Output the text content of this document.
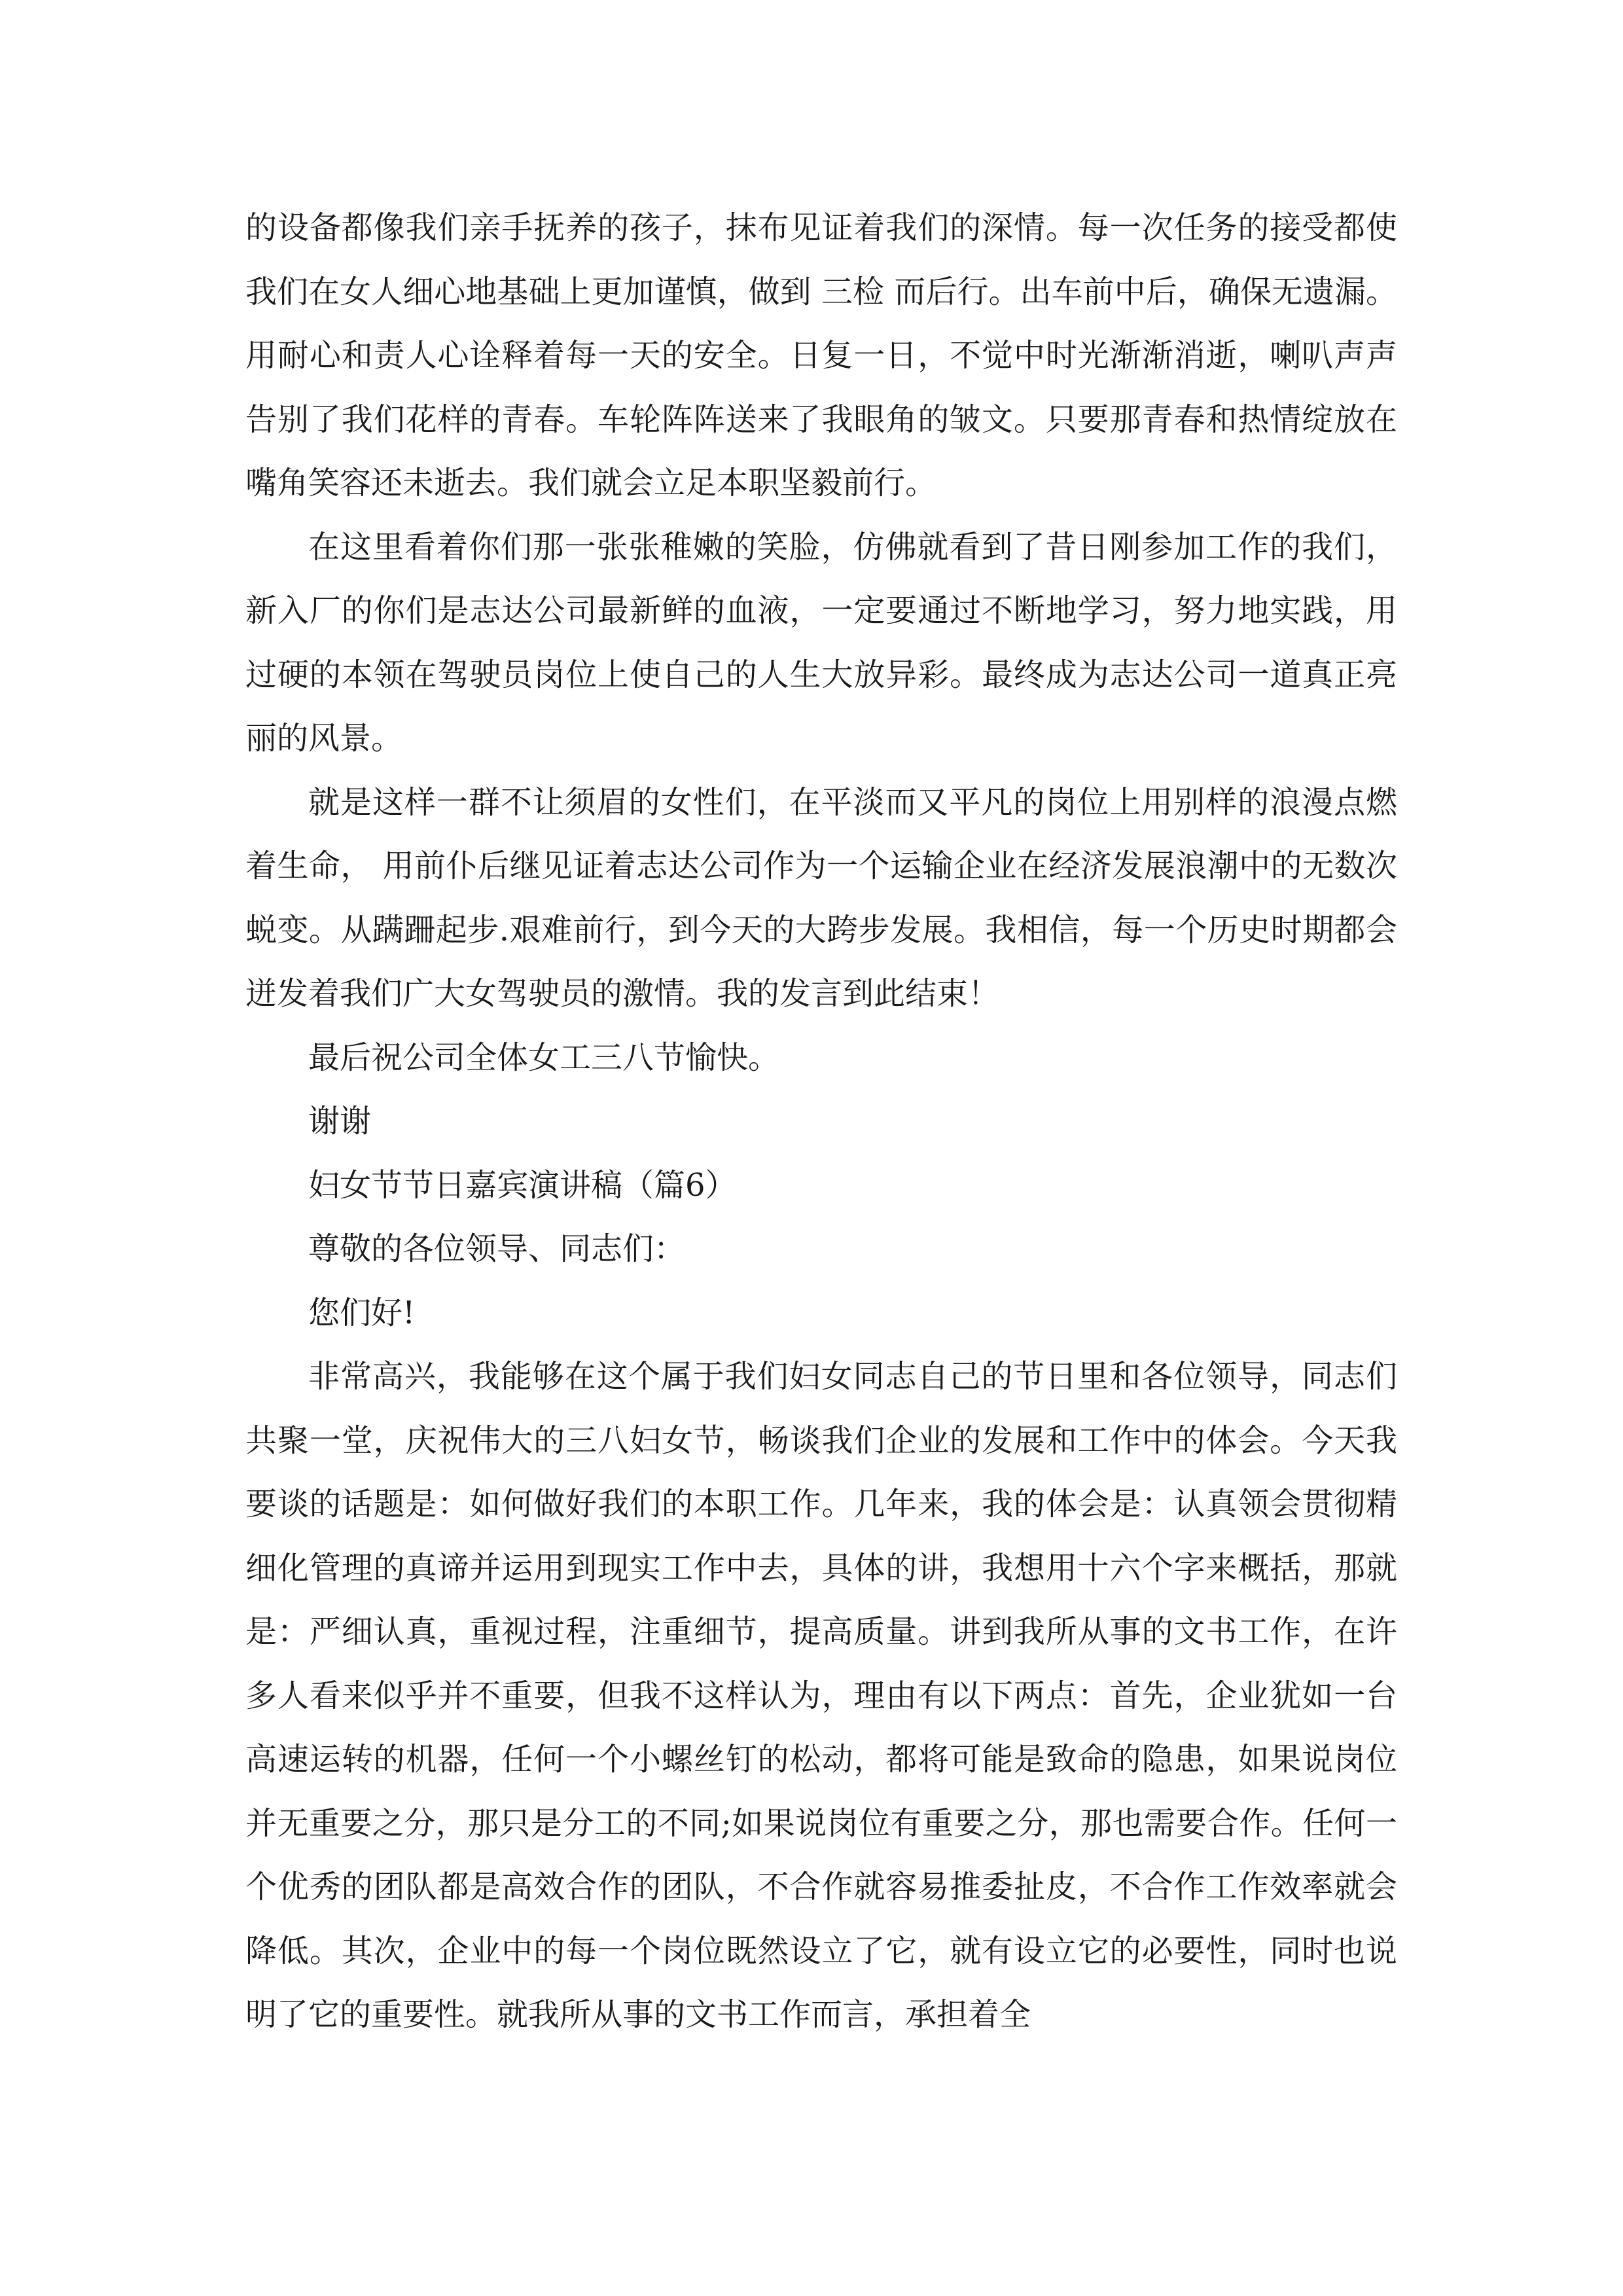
的设备都像我们亲手抚养的孩子，抹布见证着我们的深情。每一次任务的接受都使我们在女人细心地基础上更加谨慎，做到 三检 而后行。出车前中后，确保无遗漏。用耐心和责人心诠释着每一天的安全。日复一日，不觉中时光渐渐消逝，喇叭声声告别了我们花样的青春。车轮阵阵送来了我眼角的皱文。只要那青春和热情绽放在嘴角笑容还未逝去。我们就会立足本职坚毅前行。

在这里看着你们那一张张稚嫩的笑脸，仿佛就看到了昔日刚参加工作的我们，新入厂的你们是志达公司最新鲜的血液，一定要通过不断地学习，努力地实践，用过硬的本领在驾驶员岗位上使自己的人生大放异彩。最终成为志达公司一道真正亮丽的风景。

就是这样一群不让须眉的女性们，在平淡而又平凡的岗位上用别样的浪漫点燃着生命， 用前仆后继见证着志达公司作为一个运输企业在经济发展浪潮中的无数次蜕变。从蹒跚起步.艰难前行，到今天的大跨步发展。我相信，每一个历史时期都会迸发着我们广大女驾驶员的激情。我的发言到此结束！

最后祝公司全体女工三八节愉快。

谢谢

妇女节节日嘉宾演讲稿（篇6）

尊敬的各位领导、同志们：

您们好!

非常高兴，我能够在这个属于我们妇女同志自己的节日里和各位领导，同志们共聚一堂，庆祝伟大的三八妇女节，畅谈我们企业的发展和工作中的体会。今天我要谈的话题是：如何做好我们的本职工作。几年来，我的体会是：认真领会贯彻精细化管理的真谛并运用到现实工作中去，具体的讲，我想用十六个字来概括，那就是：严细认真，重视过程，注重细节，提高质量。讲到我所从事的文书工作，在许多人看来似乎并不重要，但我不这样认为，理由有以下两点：首先，企业犹如一台高速运转的机器，任何一个小螺丝钉的松动，都将可能是致命的隐患，如果说岗位并无重要之分，那只是分工的不同;如果说岗位有重要之分，那也需要合作。任何一个优秀的团队都是高效合作的团队，不合作就容易推委扯皮，不合作工作效率就会降低。其次，企业中的每一个岗位既然设立了它，就有设立它的必要性，同时也说明了它的重要性。就我所从事的文书工作而言，承担着全
